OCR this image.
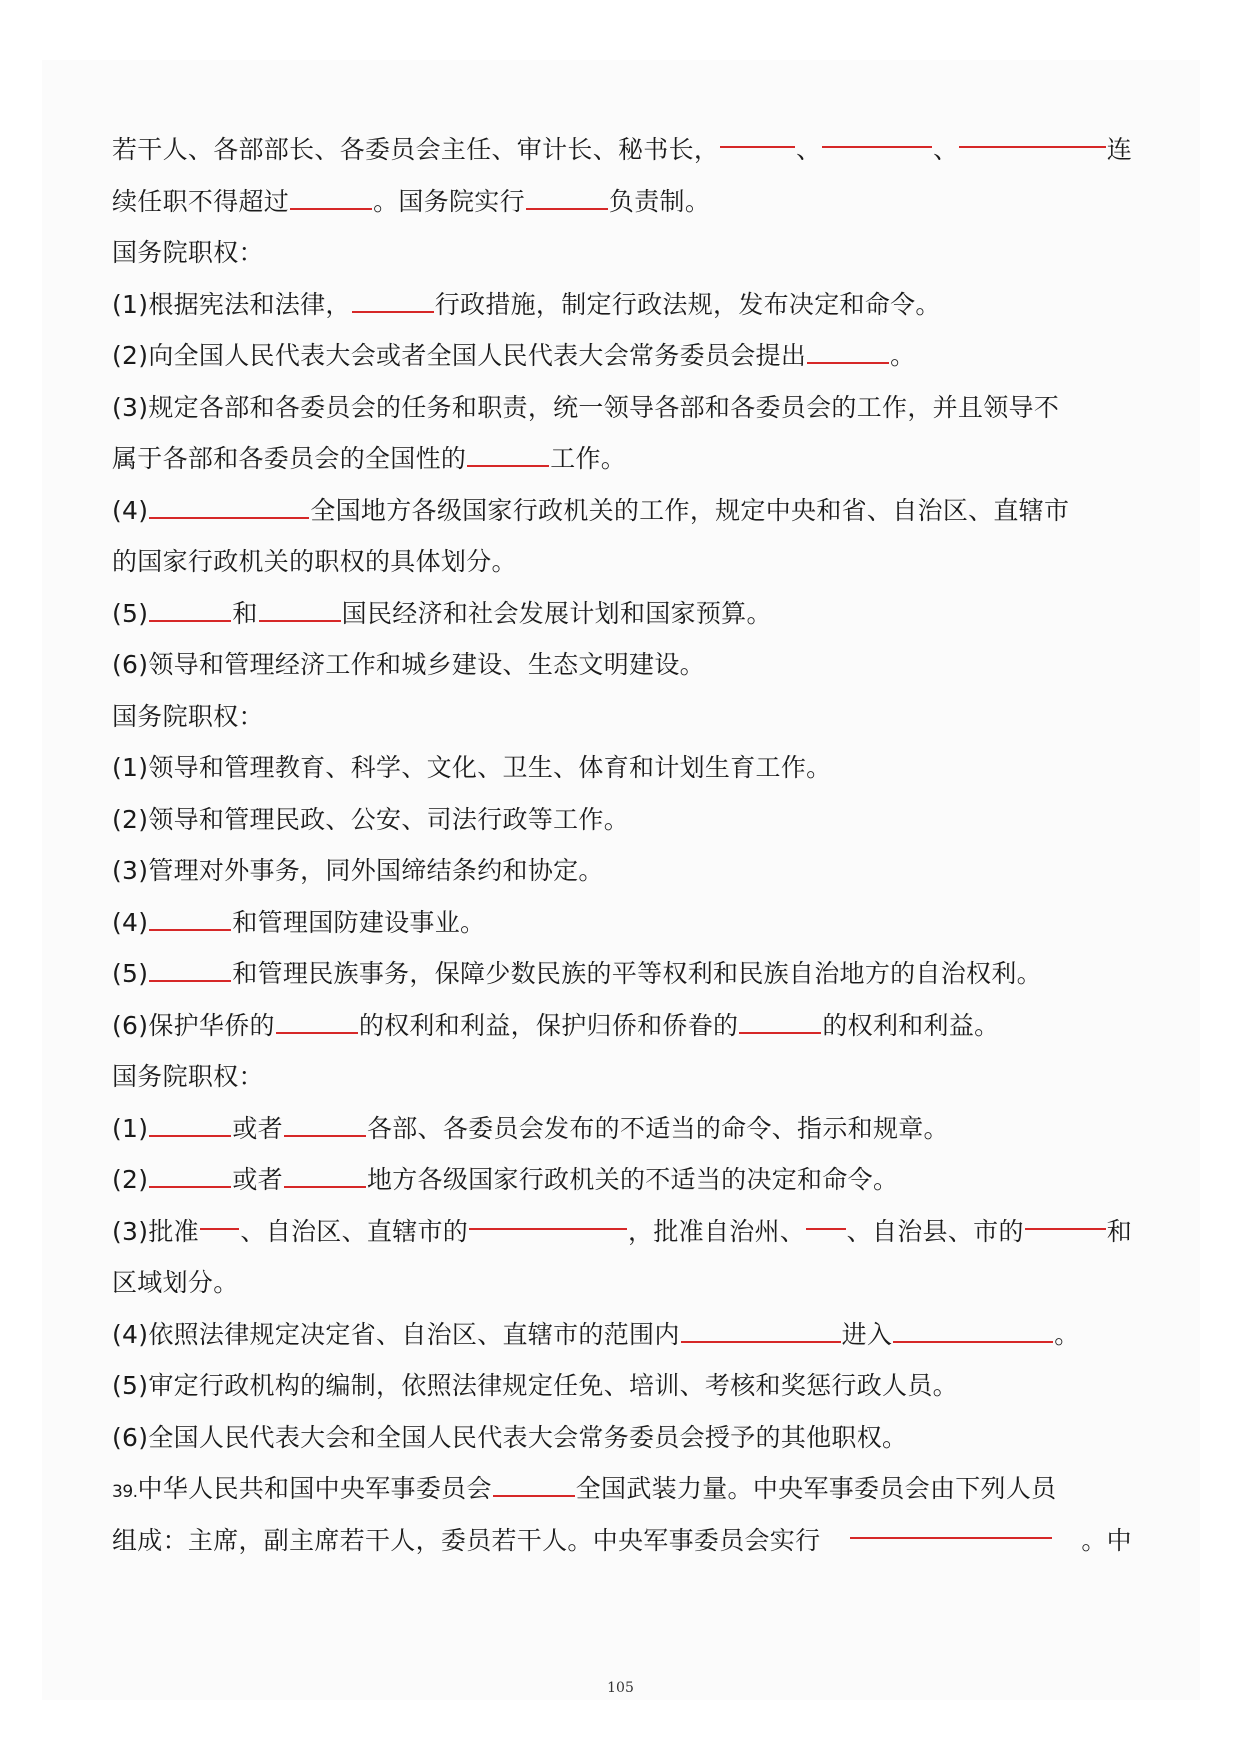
若干人、各部部长、各委员会主任、审计长、秘书长，	、	、	连
续任职不得超过	。国务院实行	负责制。
国务院职权：
(1)根据宪法和法律，	行政措施，制定行政法规，发布决定和命令。
(2)向全国人民代表大会或者全国人民代表大会常务委员会提出	。
(3)规定各部和各委员会的任务和职责，统一领导各部和各委员会的工作，并且领导不
属于各部和各委员会的全国性的	工作。
(4)	全国地方各级国家行政机关的工作，规定中央和省、自治区、直辖市
的国家行政机关的职权的具体划分。
(5)	和	国民经济和社会发展计划和国家预算。
(6)领导和管理经济工作和城乡建设、生态文明建设。
国务院职权：
(1)领导和管理教育、科学、文化、卫生、体育和计划生育工作。
(2)领导和管理民政、公安、司法行政等工作。
(3)管理对外事务，同外国缔结条约和协定。
(4)	和管理国防建设事业。
(5)	和管理民族事务，保障少数民族的平等权利和民族自治地方的自治权利。
(6)保护华侨的	的权利和利益，保护归侨和侨眷的	的权利和利益。
国务院职权：
(1)	或者	各部、各委员会发布的不适当的命令、指示和规章。
(2)	或者	地方各级国家行政机关的不适当的决定和命令。
(3)批准 、自治区、直辖市的	，批准自治州、 、自治县、市的	和
区域划分。
(4)依照法律规定决定省、自治区、直辖市的范围内	进入	。
(5)审定行政机构的编制，依照法律规定任免、培训、考核和奖惩行政人员。
(6)全国人民代表大会和全国人民代表大会常务委员会授予的其他职权。
39.中华人民共和国中央军事委员会	全国武装力量。中央军事委员会由下列人员
组成：主席，副主席若干人，委员若干人。中央军事委员会实行	。中
105
